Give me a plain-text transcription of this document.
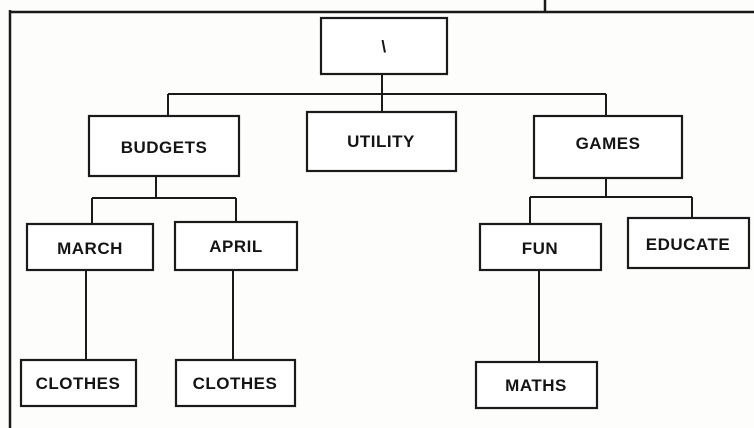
\
BUDGETS	UTILITY	GAMES
MARCH	APRIL	FUN	EDUCATE
CLOTHES	CLOTHES	MATHS
